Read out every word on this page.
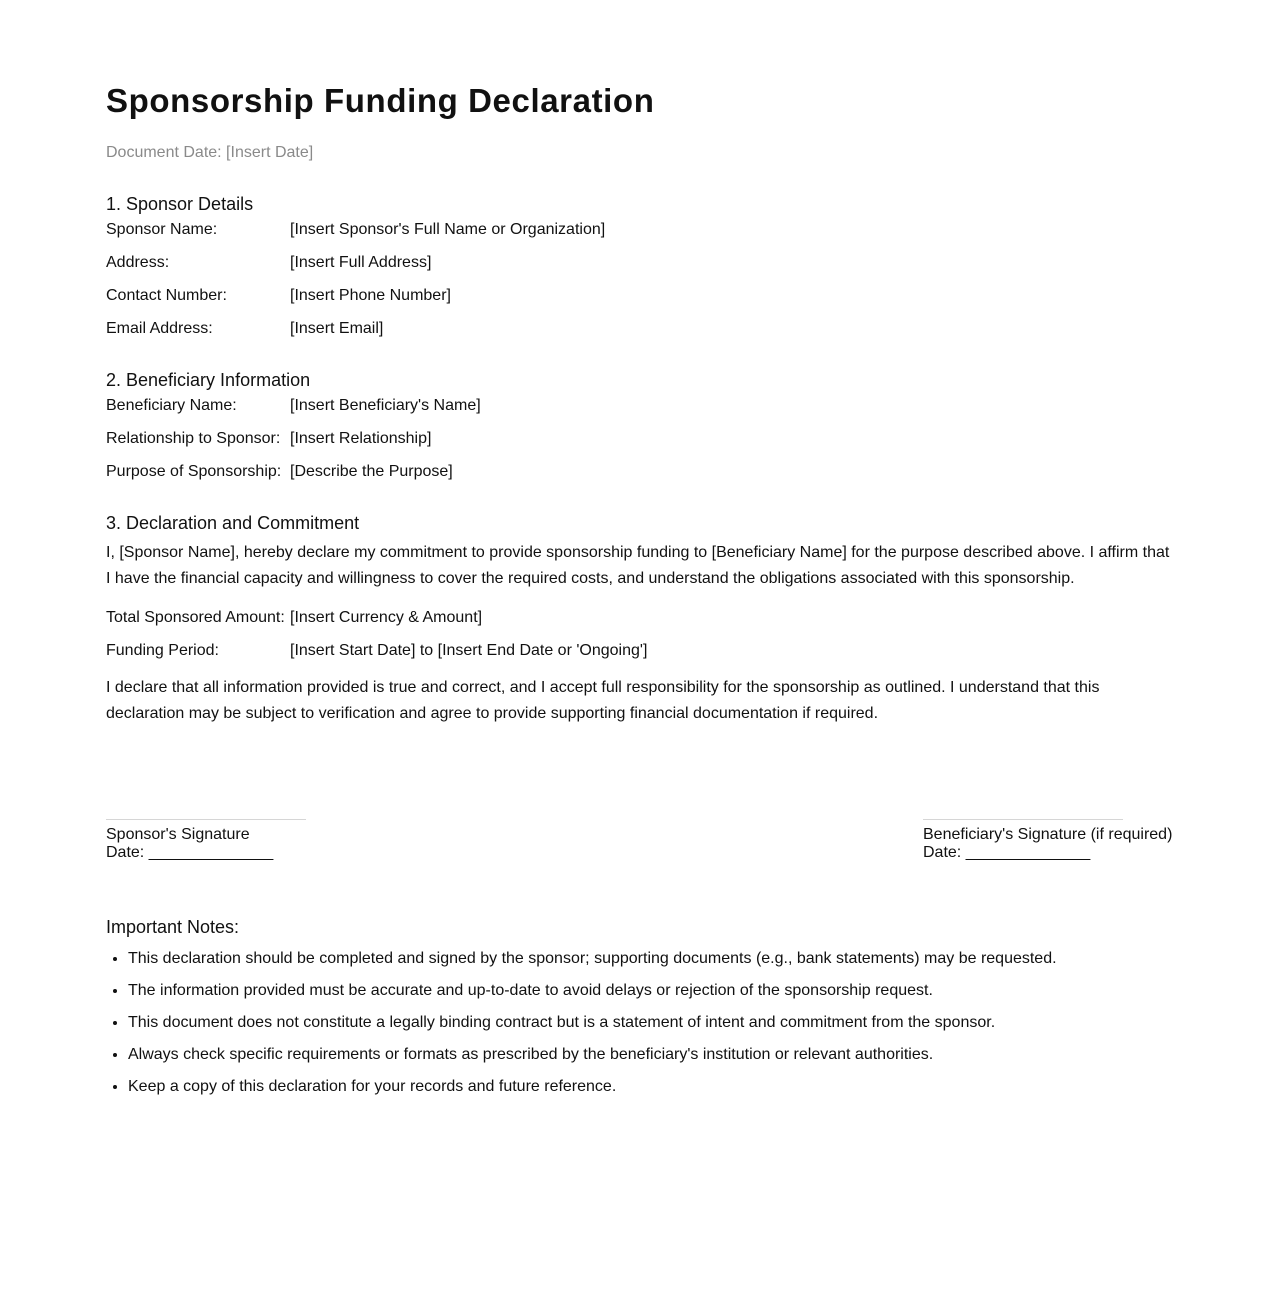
Sponsorship Funding Declaration
Document Date: [Insert Date]
1. Sponsor Details
Sponsor Name:	[Insert Sponsor's Full Name or Organization]
Address:	[Insert Full Address]
Contact Number:	[Insert Phone Number]
Email Address:	[Insert Email]
2. Beneficiary Information
Beneficiary Name:	[Insert Beneficiary's Name]
Relationship to Sponsor: [Insert Relationship]
Purpose of Sponsorship: [Describe the Purpose]
3. Declaration and Commitment

I, [Sponsor Name], hereby declare my commitment to provide sponsorship funding to [Beneficiary Name] for the purpose described above. I affirm that I have the financial capacity and willingness to cover the required costs, and understand the obligations associated with this sponsorship.

Total Sponsored Amount: [Insert Currency & Amount]
Funding Period:	[Insert Start Date] to [Insert End Date or 'Ongoing']

I declare that all information provided is true and correct, and I accept full responsibility for the sponsorship as outlined. I understand that this declaration may be subject to verification and agree to provide supporting financial documentation if required.

Sponsor's Signature
Date: ______________
Beneficiary's Signature (if required)
Date: ______________
Important Notes:
• This declaration should be completed and signed by the sponsor; supporting documents (e.g., bank statements) may be requested.
• The information provided must be accurate and up-to-date to avoid delays or rejection of the sponsorship request.
• This document does not constitute a legally binding contract but is a statement of intent and commitment from the sponsor.
• Always check specific requirements or formats as prescribed by the beneficiary's institution or relevant authorities.
• Keep a copy of this declaration for your records and future reference.
